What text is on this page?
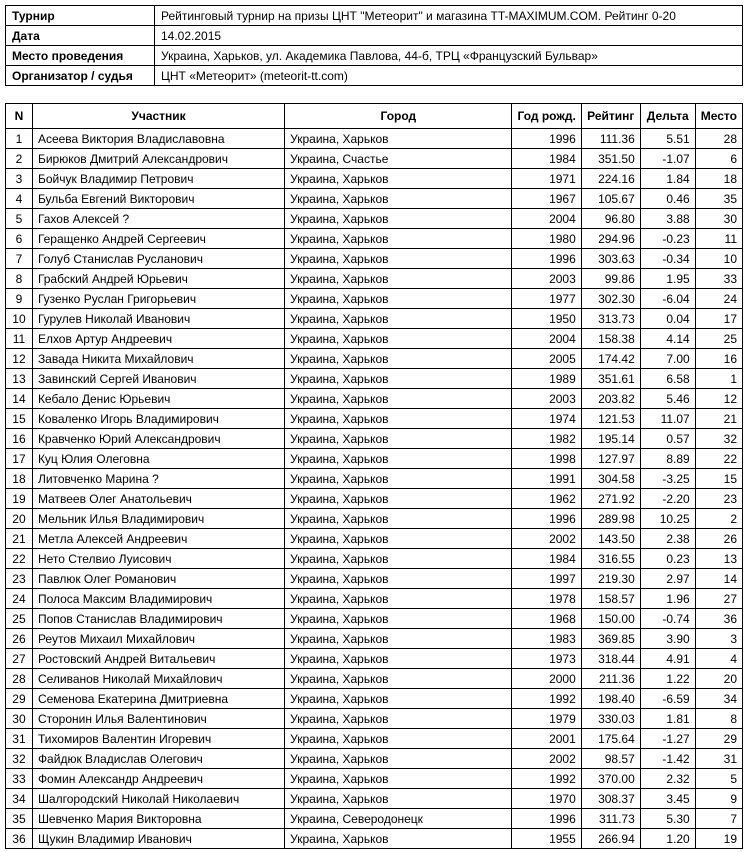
Турнир	Рейтинговый турнир на призы ЦНТ "Метеорит" и магазина TT-MAXIMUM.COM. Рейтинг 0-20
Дата	14.02.2015
Место проведения	Украина, Харьков, ул. Академика Павлова, 44-б, ТРЦ «Французский Бульвар»
Организатор / судья	ЦНТ «Метеорит» (meteorit-tt.com)
N	Участник	Город	Год рожд.	Рейтинг	Дельта	Место
1	Асеева Виктория Владиславовна	Украина, Харьков	1996	111.36	5.51	28
2	Бирюков Дмитрий Александрович	Украина, Счастье	1984	351.50	-1.07	6
3	Бойчук Владимир Петрович	Украина, Харьков	1971	224.16	1.84	18
4	Бульба Евгений Викторович	Украина, Харьков	1967	105.67	0.46	35
5	Гахов Алексей ?	Украина, Харьков	2004	96.80	3.88	30
6	Геращенко Андрей Сергеевич	Украина, Харьков	1980	294.96	-0.23	11
7	Голуб Станислав Русланович	Украина, Харьков	1996	303.63	-0.34	10
8	Грабский Андрей Юрьевич	Украина, Харьков	2003	99.86	1.95	33
9	Гузенко Руслан Григорьевич	Украина, Харьков	1977	302.30	-6.04	24
10	Гурулев Николай Иванович	Украина, Харьков	1950	313.73	0.04	17
11	Елхов Артур Андреевич	Украина, Харьков	2004	158.38	4.14	25
12	Завада Никита Михайлович	Украина, Харьков	2005	174.42	7.00	16
13	Завинский Сергей Иванович	Украина, Харьков	1989	351.61	6.58	1
14	Кебало Денис Юрьевич	Украина, Харьков	2003	203.82	5.46	12
15	Коваленко Игорь Владимирович	Украина, Харьков	1974	121.53	11.07	21
16	Кравченко Юрий Александрович	Украина, Харьков	1982	195.14	0.57	32
17	Куц Юлия Олеговна	Украина, Харьков	1998	127.97	8.89	22
18	Литовченко Марина ?	Украина, Харьков	1991	304.58	-3.25	15
19	Матвеев Олег Анатольевич	Украина, Харьков	1962	271.92	-2.20	23
20	Мельник Илья Владимирович	Украина, Харьков	1996	289.98	10.25	2
21	Метла Алексей Андреевич	Украина, Харьков	2002	143.50	2.38	26
22	Нето Стелвио Луисович	Украина, Харьков	1984	316.55	0.23	13
23	Павлюк Олег Романович	Украина, Харьков	1997	219.30	2.97	14
24	Полоса Максим Владимирович	Украина, Харьков	1978	158.57	1.96	27
25	Попов Станислав Владимирович	Украина, Харьков	1968	150.00	-0.74	36
26	Реутов Михаил Михайлович	Украина, Харьков	1983	369.85	3.90	3
27	Ростовский Андрей Витальевич	Украина, Харьков	1973	318.44	4.91	4
28	Селиванов Николай Михайлович	Украина, Харьков	2000	211.36	1.22	20
29	Семенова Екатерина Дмитриевна	Украина, Харьков	1992	198.40	-6.59	34
30	Сторонин Илья Валентинович	Украина, Харьков	1979	330.03	1.81	8
31	Тихомиров Валентин Игоревич	Украина, Харьков	2001	175.64	-1.27	29
32	Файдюк Владислав Олегович	Украина, Харьков	2002	98.57	-1.42	31
33	Фомин Александр Андреевич	Украина, Харьков	1992	370.00	2.32	5
34	Шалгородский Николай Николаевич	Украина, Харьков	1970	308.37	3.45	9
35	Шевченко Мария Викторовна	Украина, Северодонецк	1996	311.73	5.30	7
36	Щукин Владимир Иванович	Украина, Харьков	1955	266.94	1.20	19
